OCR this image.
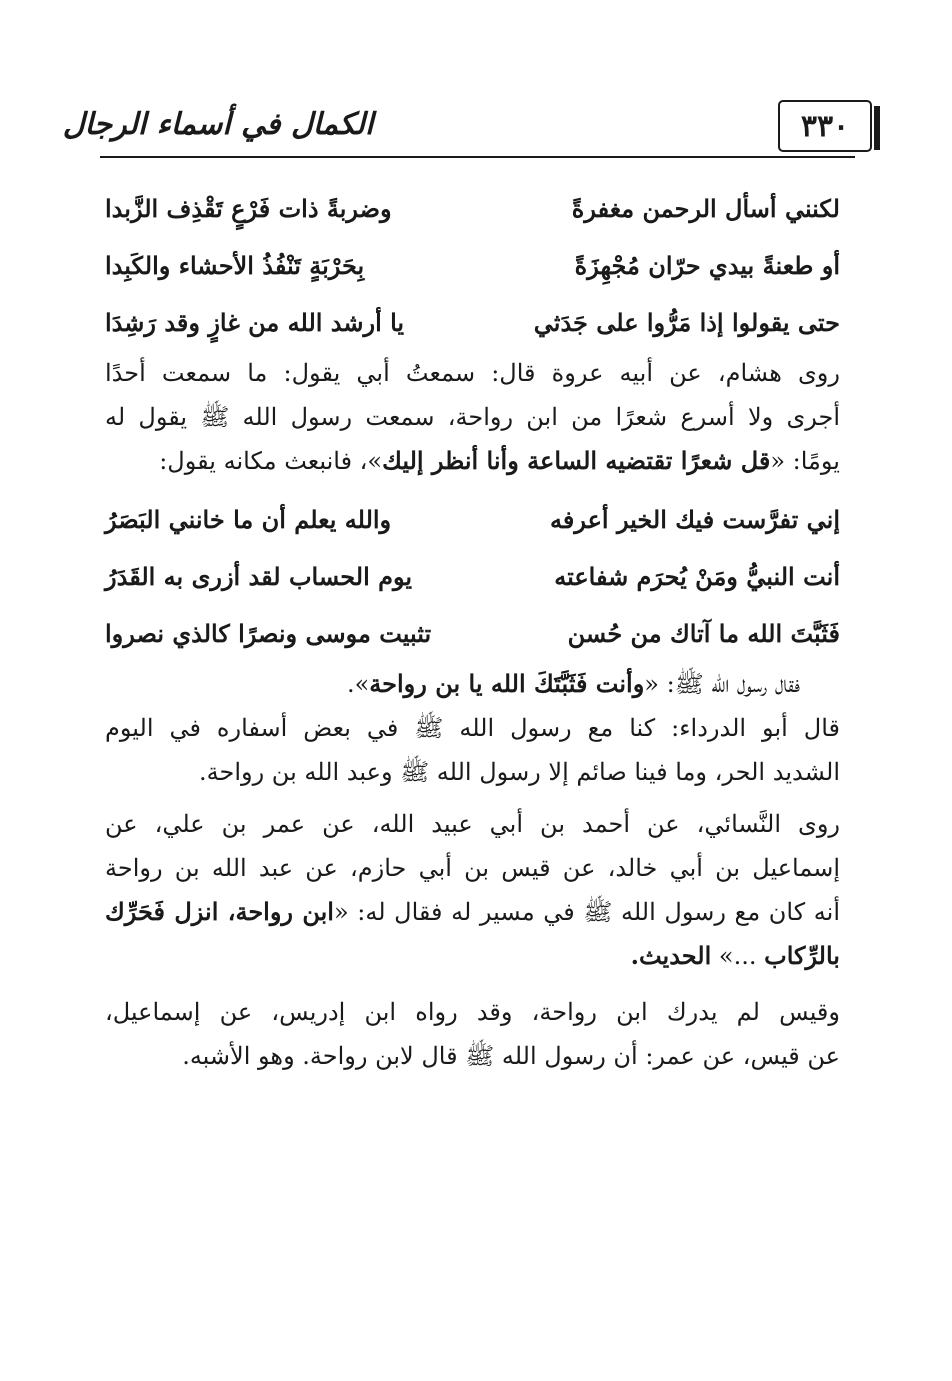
٣٣٠
الكمال في أسماء الرجال
لكنني أسأل الرحمن مغفرةً
وضربةً ذات فَرْعٍ تَقْذِف الزَّبدا
أو طعنةً بيدي حرّان مُجْهِزَةً
بِحَرْبَةٍ تَنْفُذُ الأحشاء والكَبِدا
حتى يقولوا إذا مَرُّوا على جَدَثي
يا أرشد الله من غازٍ وقد رَشِدَا
روى هشام، عن أبيه عروة قال: سمعتُ أبي يقول: ما سمعت أحدًا
أجرى ولا أسرع شعرًا من ابن رواحة، سمعت رسول الله ﷺ يقول له
يومًا: «قل شعرًا تقتضيه الساعة وأنا أنظر إليك»، فانبعث مكانه يقول:
إني تفرَّست فيك الخير أعرفه
والله يعلم أن ما خانني البَصَرُ
أنت النبيُّ ومَنْ يُحرَم شفاعته
يوم الحساب لقد أزرى به القَدَرُ
فَثَبَّتَ الله ما آتاك من حُسن
تثبيت موسى ونصرًا كالذي نصروا
فقال رسول الله ﷺ: «وأنت فَثَبَّتَكَ الله يا بن رواحة».
قال أبو الدرداء: كنا مع رسول الله ﷺ في بعض أسفاره في اليوم
الشديد الحر، وما فينا صائم إلا رسول الله ﷺ وعبد الله بن رواحة.
روى النَّسائي، عن أحمد بن أبي عبيد الله، عن عمر بن علي، عن
إسماعيل بن أبي خالد، عن قيس بن أبي حازم، عن عبد الله بن رواحة
أنه كان مع رسول الله ﷺ في مسير له فقال له: «ابن رواحة، انزل فَحَرِّك
بالرِّكاب ...» الحديث.
وقيس لم يدرك ابن رواحة، وقد رواه ابن إدريس، عن إسماعيل،
عن قيس، عن عمر: أن رسول الله ﷺ قال لابن رواحة. وهو الأشبه.
